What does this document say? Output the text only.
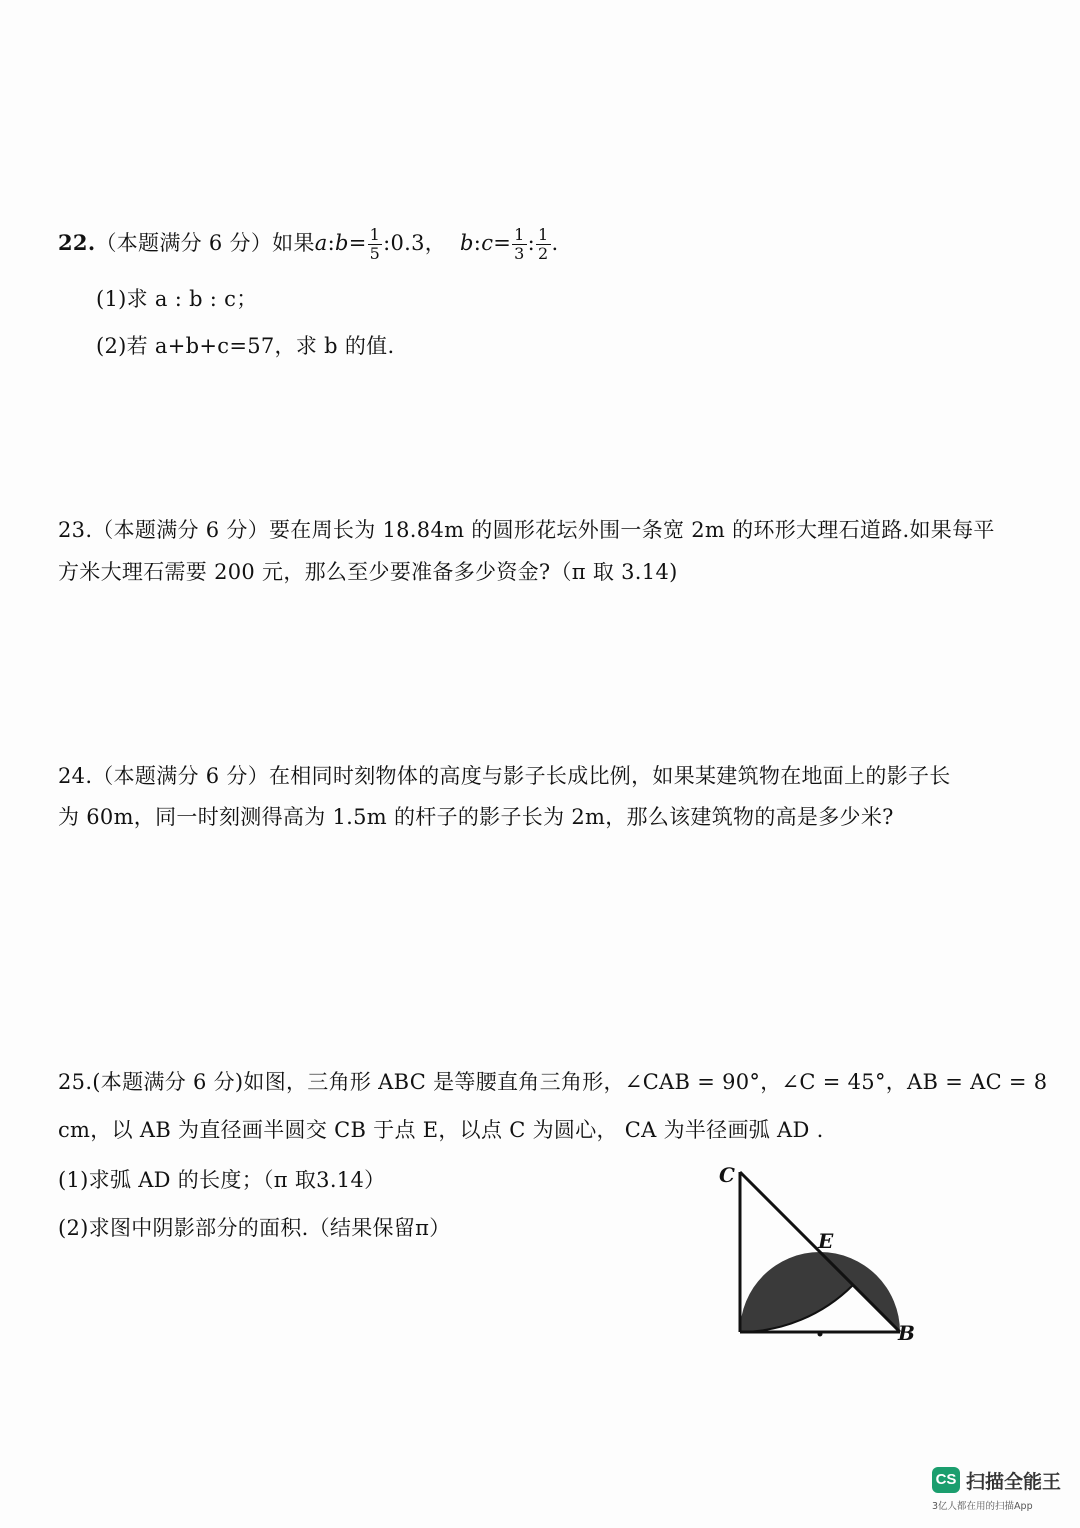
22.（本题满分 6 分）如果a:b= $\frac{1}{5}$ :0.3， b:c= $\frac{1}{3}$ : $\frac{1}{2}$ .
(1)求 a : b : c；
(2)若 a+b+c=57，求 b 的值.
23.（本题满分 6 分）要在周长为 18.84m 的圆形花坛外围一条宽 2m 的环形大理石道路.如果每平
方米大理石需要 200 元，那么至少要准备多少资金?（π 取 3.14)
24.（本题满分 6 分）在相同时刻物体的高度与影子长成比例，如果某建筑物在地面上的影子长
为 60m，同一时刻测得高为 1.5m 的杆子的影子长为 2m，那么该建筑物的高是多少米?
25.(本题满分 6 分)如图，三角形 ABC 是等腰直角三角形，∠CAB = 90°，∠C = 45°，AB = AC = 8
cm，以 AB 为直径画半圆交 CB 于点 E，以点 C 为圆心， CA 为半径画弧 AD .
(1)求弧 AD 的长度；（π 取3.14）
(2)求图中阴影部分的面积.（结果保留π）
C
E
B
CS 扫描全能王
3亿人都在用的扫描App
